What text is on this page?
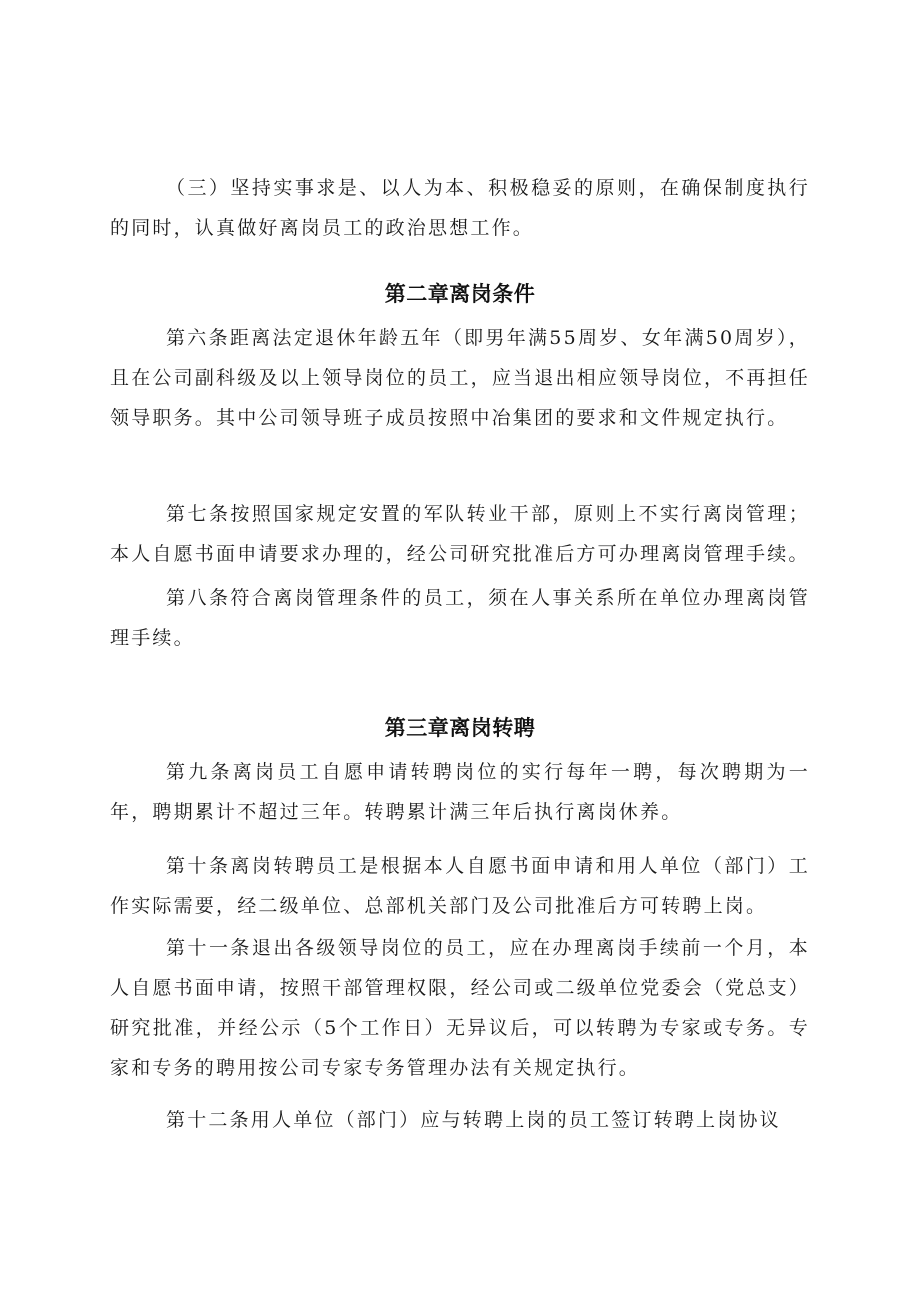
（三）坚持实事求是、以人为本、积极稳妥的原则，在确保制度执行的同时，认真做好离岗员工的政治思想工作。

第二章离岗条件

第六条距离法定退休年龄五年（即男年满55周岁、女年满50周岁），且在公司副科级及以上领导岗位的员工，应当退出相应领导岗位，不再担任领导职务。其中公司领导班子成员按照中冶集团的要求和文件规定执行。

第七条按照国家规定安置的军队转业干部，原则上不实行离岗管理；本人自愿书面申请要求办理的，经公司研究批准后方可办理离岗管理手续。

第八条符合离岗管理条件的员工，须在人事关系所在单位办理离岗管理手续。

第三章离岗转聘

第九条离岗员工自愿申请转聘岗位的实行每年一聘，每次聘期为一年，聘期累计不超过三年。转聘累计满三年后执行离岗休养。

第十条离岗转聘员工是根据本人自愿书面申请和用人单位（部门）工作实际需要，经二级单位、总部机关部门及公司批准后方可转聘上岗。

第十一条退出各级领导岗位的员工，应在办理离岗手续前一个月，本人自愿书面申请，按照干部管理权限，经公司或二级单位党委会（党总支）研究批准，并经公示（5个工作日）无异议后，可以转聘为专家或专务。专家和专务的聘用按公司专家专务管理办法有关规定执行。

第十二条用人单位（部门）应与转聘上岗的员工签订转聘上岗协议
